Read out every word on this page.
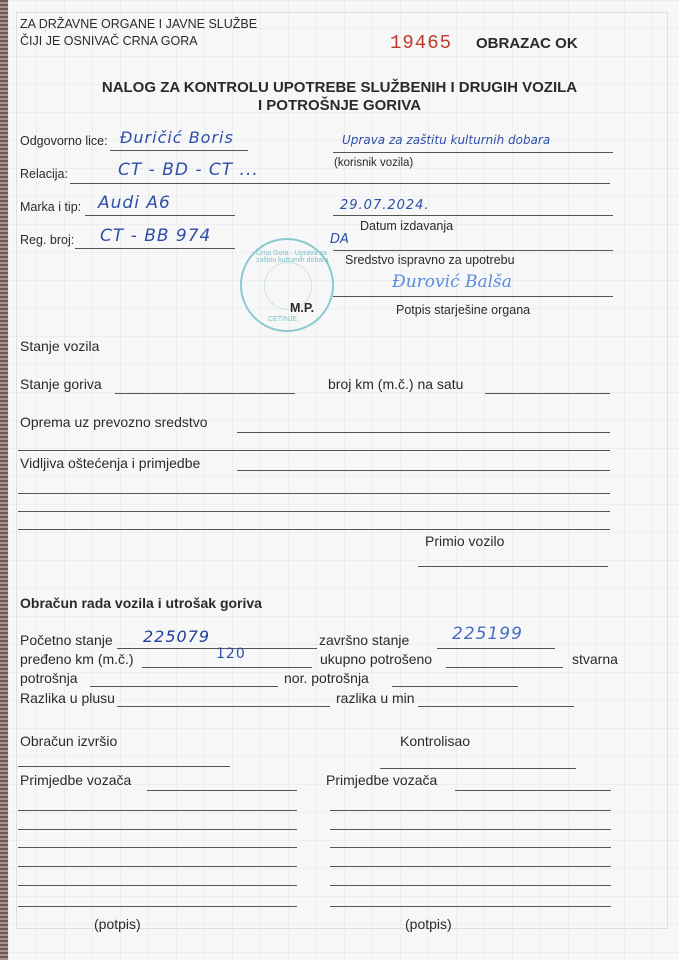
ZA DRŽAVNE ORGANE I JAVNE SLUŽBE
ČIJI JE OSNIVAČ CRNA GORA	19465 OBRAZAC OK
NALOG ZA KONTROLU UPOTREBE SLUŽBENIH I DRUGIH VOZILA
I POTROŠNJE GORIVA
Odgovorno lice: Đuričić Boris
Relacija:	CT - BD - CT ...
Marka i tip: Audi A6
Reg. broj: CT - BB 974
Uprava za zaštitu kulturnih dobara
(korisnik vozila)
29.07.2024.
Datum izdavanja
DA
Sredstvo ispravno za upotrebu
Đurović Balša
Potpis starješine organa
Crna Gora · Uprava za zaštitu kulturnih dobara
CETINJE
M.P.
Stanje vozila
Stanje goriva	broj km (m.č.) na satu
Oprema uz prevozno sredstvo
Vidljiva oštećenja i primjedbe
Primio vozilo
Obračun rada vozila i utrošak goriva
Početno stanje 225079	završno stanje	225199
pređeno km (m.č.)	120	ukupno potrošeno	stvarna
potrošnja	nor. potrošnja
Razlika u plusu	razlika u min
Obračun izvršio	Kontrolisao
Primjedbe vozača	Primjedbe vozača
(potpis)	(potpis)
